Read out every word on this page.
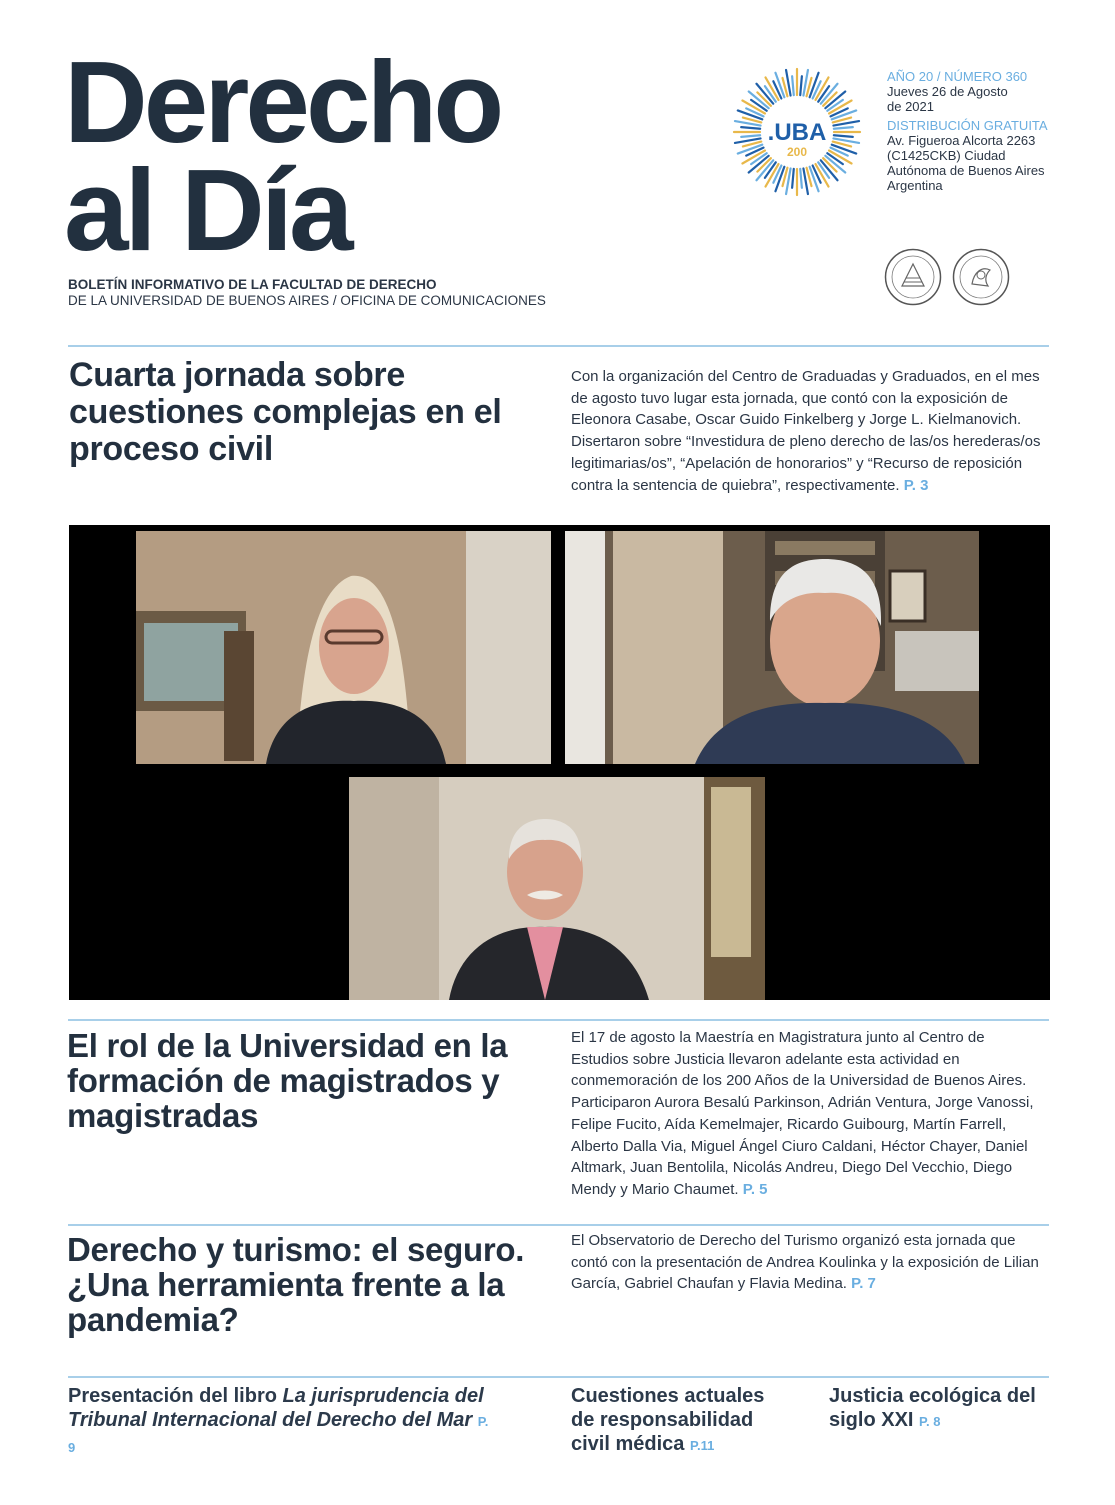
Derecho
al Día
BOLETÍN INFORMATIVO DE LA FACULTAD DE DERECHO
DE LA UNIVERSIDAD DE BUENOS AIRES / OFICINA DE COMUNICACIONES
.UBA
200
AÑO 20 / NÚMERO 360
Jueves 26 de Agosto
de 2021
DISTRIBUCIÓN GRATUITA
Av. Figueroa Alcorta 2263
(C1425CKB) Ciudad
Autónoma de Buenos Aires
Argentina
Cuarta jornada sobre cuestiones complejas en el proceso civil

Con la organización del Centro de Graduadas y Graduados, en el mes de agosto tuvo lugar esta jornada, que contó con la exposición de Eleonora Casabe, Oscar Guido Finkelberg y Jorge L. Kielmanovich. Disertaron sobre “Investidura de pleno derecho de las/os herederas/os legitimarias/os”, “Apelación de honorarios” y “Recurso de reposición contra la sentencia de quiebra”, respectivamente. P. 3

El rol de la Universidad en la formación de magistrados y magistradas

El 17 de agosto la Maestría en Magistratura junto al Centro de Estudios sobre Justicia llevaron adelante esta actividad en conmemoración de los 200 Años de la Universidad de Buenos Aires. Participaron Aurora Besalú Parkinson, Adrián Ventura, Jorge Vanossi, Felipe Fucito, Aída Kemelmajer, Ricardo Guibourg, Martín Farrell, Alberto Dalla Via, Miguel Ángel Ciuro Caldani, Héctor Chayer, Daniel Altmark, Juan Bentolila, Nicolás Andreu, Diego Del Vecchio, Diego Mendy y Mario Chaumet. P. 5

Derecho y turismo: el seguro. ¿Una herramienta frente a la pandemia?

El Observatorio de Derecho del Turismo organizó esta jornada que contó con la presentación de Andrea Koulinka y la exposición de Lilian García, Gabriel Chaufan y Flavia Medina. P. 7

Presentación del libro La jurisprudencia del Tribunal Internacional del Derecho del Mar P. 9
Cuestiones actuales de responsabilidad civil médica P.11
Justicia ecológica del siglo XXI P. 8
